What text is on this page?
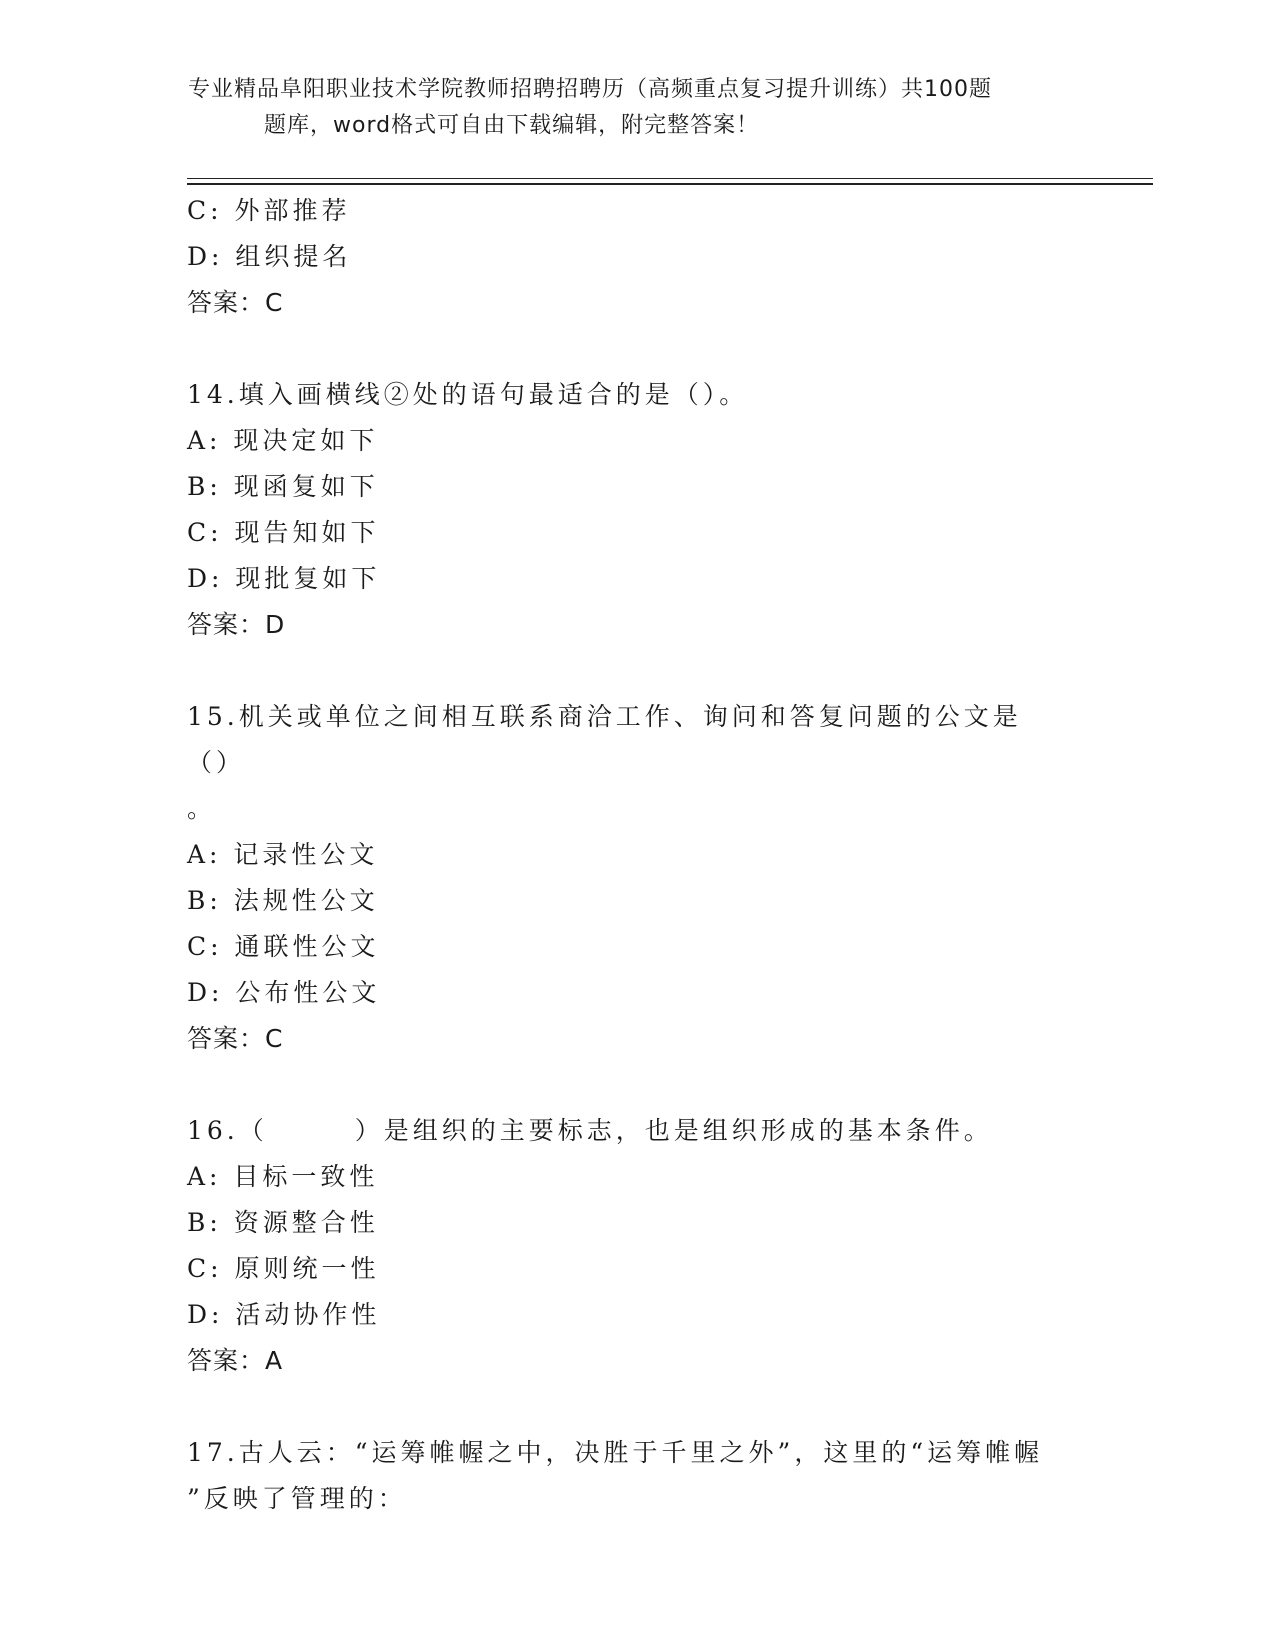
专业精品阜阳职业技术学院教师招聘招聘历（高频重点复习提升训练）共100题
题库，word格式可自由下载编辑，附完整答案！
C: 外部推荐
D: 组织提名
答案：C
14.填入画横线②处的语句最适合的是（）。
A: 现决定如下
B: 现函复如下
C: 现告知如下
D: 现批复如下
答案：D
15.机关或单位之间相互联系商洽工作、询问和答复问题的公文是（）
。
A: 记录性公文
B: 法规性公文
C: 通联性公文
D: 公布性公文
答案：C
16.（　　　）是组织的主要标志，也是组织形成的基本条件。
A: 目标一致性
B: 资源整合性
C: 原则统一性
D: 活动协作性
答案：A
17.古人云：“运筹帷幄之中，决胜于千里之外”，这里的“运筹帷幄
”反映了管理的：
